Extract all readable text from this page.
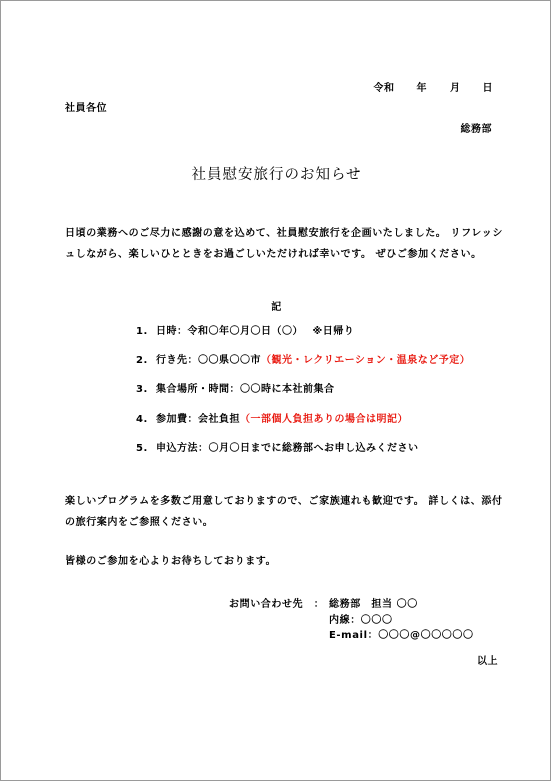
令和 年 月 日
社員各位
総務部
社員慰安旅行のお知らせ
日頃の業務へのご尽力に感謝の意を込めて、社員慰安旅行を企画いたしました。 リフレッシュしながら、楽しいひとときをお過ごしいただければ幸いです。 ぜひご参加ください。
記
1. 日時：令和〇年〇月〇日（〇）　 ※日帰り
2. 行き先：〇〇県〇〇市（観光・レクリエーション・温泉など予定）
3. 集合場所・時間：〇〇時に本社前集合
4. 参加費：会社負担（一部個人負担ありの場合は明記）
5. 申込方法：〇月〇日までに総務部へお申し込みください
楽しいプログラムを多数ご用意しておりますので、ご家族連れも歓迎です。 詳しくは、添付の旅行案内をご参照ください。
皆様のご参加を心よりお待ちしております。
お問い合わせ先　： 総務部　担当 〇〇
内線：〇〇〇
E-mail：〇〇〇@〇〇〇〇〇
以上
